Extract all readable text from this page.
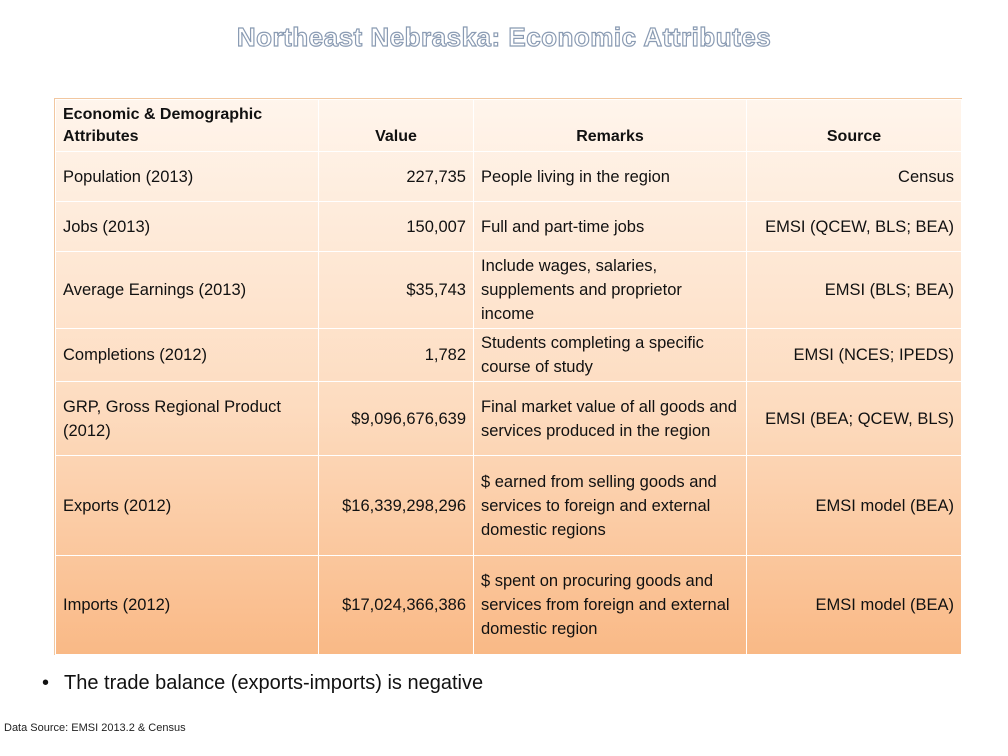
Northeast Nebraska: Economic Attributes
Economic & Demographic Attributes	Value	Remarks	Source
Population (2013)	227,735	People living in the region	Census
Jobs (2013)	150,007	Full and part-time jobs	EMSI (QCEW, BLS; BEA)
Average Earnings (2013)	$35,743	Include wages, salaries, supplements and proprietor income	EMSI (BLS; BEA)
Completions (2012)	1,782	Students completing a specific course of study	EMSI (NCES; IPEDS)
GRP, Gross Regional Product (2012)	$9,096,676,639	Final market value of all goods and services produced in the region	EMSI (BEA; QCEW, BLS)
Exports (2012)	$16,339,298,296	$ earned from selling goods and services to foreign and external domestic regions	EMSI model (BEA)
Imports (2012)	$17,024,366,386	$ spent on procuring goods and services from foreign and external domestic region	EMSI model (BEA)
• The trade balance (exports-imports) is negative
Data Source: EMSI 2013.2 & Census
